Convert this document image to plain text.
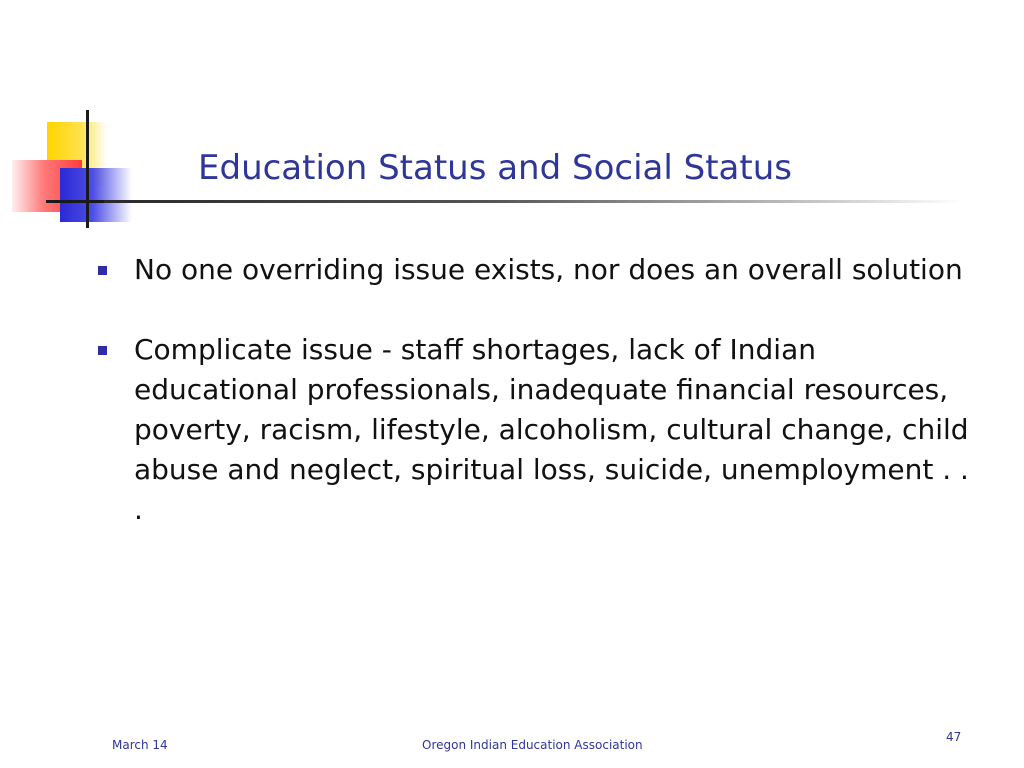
Education Status and Social Status
No one overriding issue exists, nor does an overall solution
Complicate issue - staff shortages, lack of Indian educational professionals, inadequate financial resources, poverty, racism, lifestyle, alcoholism, cultural change, child abuse and neglect, spiritual loss, suicide, unemployment . . .
March 14	Oregon Indian Education Association
47
